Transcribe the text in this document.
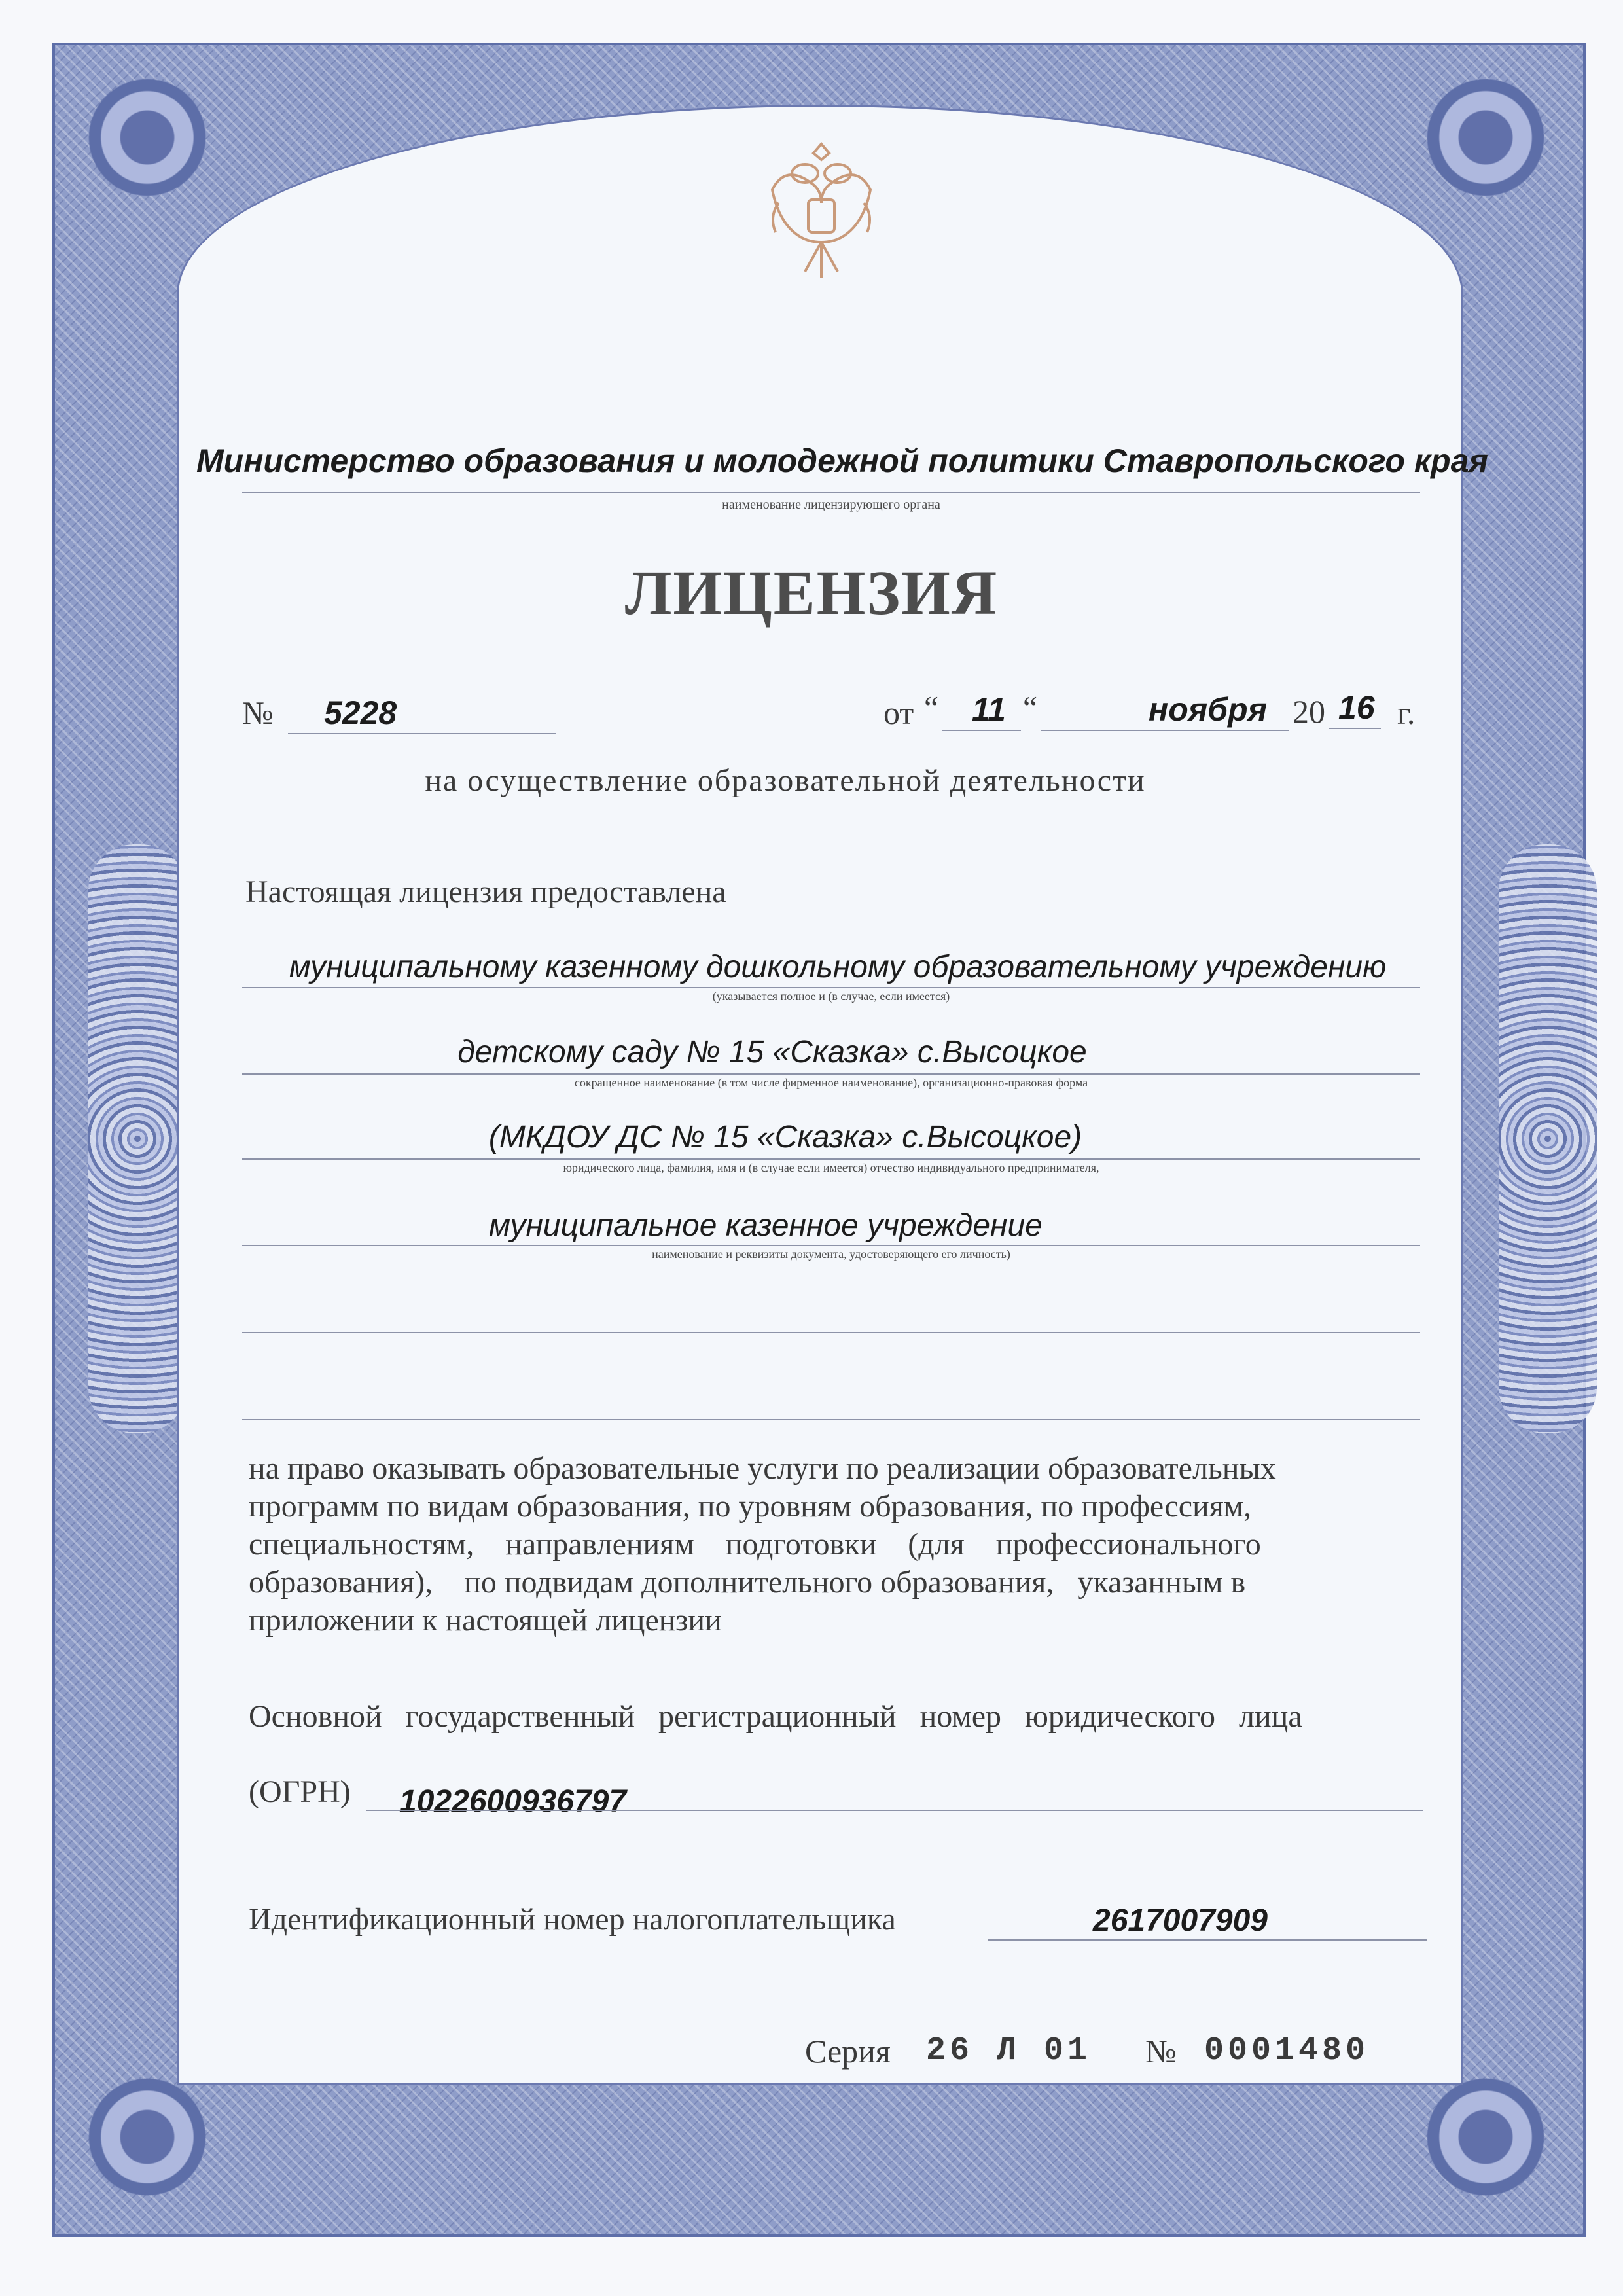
Министерство образования и молодежной политики Ставропольского края
наименование лицензирующего органа
ЛИЦЕНЗИЯ
№ 5228	от “ 11 “	ноября 20 16 г.
на осуществление образовательной деятельности
Настоящая лицензия предоставлена
муниципальному казенному дошкольному образовательному учреждению
(указывается полное и (в случае, если имеется)
детскому саду № 15 «Сказка» с.Высоцкое
сокращенное наименование (в том числе фирменное наименование), организационно-правовая форма
(МКДОУ ДС № 15 «Сказка» с.Высоцкое)
юридического лица, фамилия, имя и (в случае если имеется) отчество индивидуального предпринимателя,
муниципальное казенное учреждение
наименование и реквизиты документа, удостоверяющего его личность)
на право оказывать образовательные услуги по реализации образовательных
программ по видам образования, по уровням образования, по профессиям,
специальностям,    направлениям    подготовки    (для    профессионального
образования),    по подвидам дополнительного образования,   указанным в
приложении к настоящей лицензии
Основной   государственный   регистрационный   номер   юридического   лица
(ОГРН) 1022600936797
Идентификационный номер налогоплательщика	2617007909
Серия 26 Л 01 № 0001480
